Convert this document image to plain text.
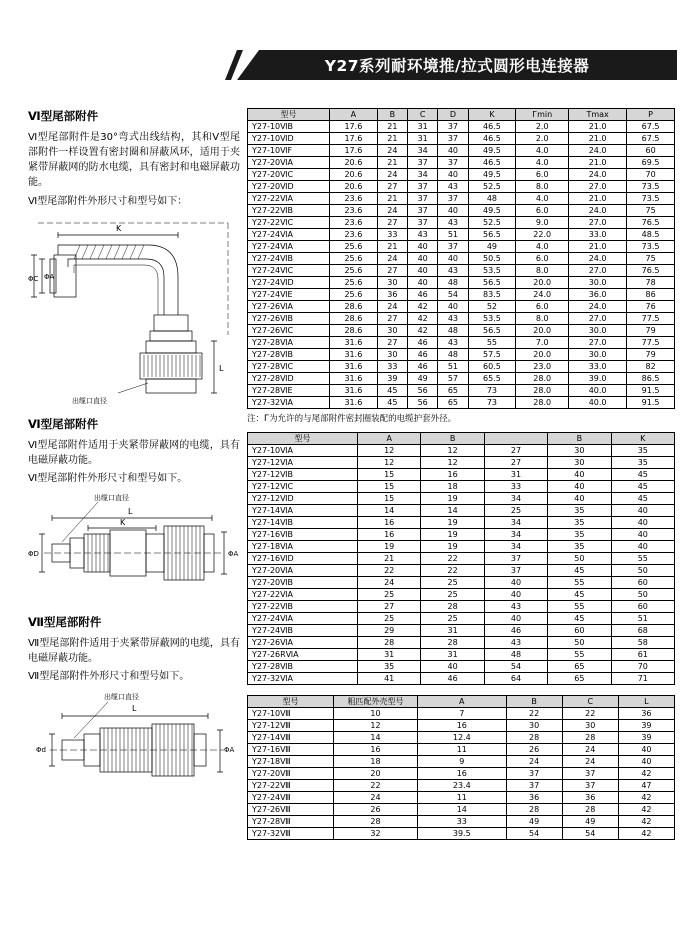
Y27系列耐环境推/拉式圆形电连接器
Ⅵ型尾部附件
Ⅵ型尾部附件是30°弯式出线结构，其和Ⅴ型尾部附件一样设置有密封圈和屏蔽风环，适用于夹紧带屏蔽网的防水电缆，具有密封和电磁屏蔽功能。
Ⅵ型尾部附件外形尺寸和型号如下：
K
ΦC ΦA
L
出缆口直径
Ⅵ型尾部附件
Ⅵ型尾部附件适用于夹紧带屏蔽网的电缆，具有电磁屏蔽功能。
Ⅵ型尾部附件外形尺寸和型号如下。
出缆口直径
L
K
ΦD	ΦA
Ⅶ型尾部附件
Ⅶ型尾部附件适用于夹紧带屏蔽网的电缆，具有电磁屏蔽功能。
Ⅶ型尾部附件外形尺寸和型号如下。
出缆口直径
L
ΦA
Φd
型号	A	B	C	D	K	Гmin	Tmax	P
Y27-10ⅥB	17.6	21	31	37	46.5	2.0	21.0	67.5
Y27-10ⅥD	17.6	21	31	37	46.5	2.0	21.0	67.5
Y27-10ⅥF	17.6	24	34	40	49.5	4.0	24.0	60
Y27-20ⅥA	20.6	21	37	37	46.5	4.0	21.0	69.5
Y27-20ⅥC	20.6	24	34	40	49.5	6.0	24.0	70
Y27-20ⅥD	20.6	27	37	43	52.5	8.0	27.0	73.5
Y27-22ⅥA	23.6	21	37	37	48	4.0	21.0	73.5
Y27-22ⅥB	23.6	24	37	40	49.5	6.0	24.0	75
Y27-22ⅥC	23.6	27	37	43	52.5	9.0	27.0	76.5
Y27-24ⅥA	23.6	33	43	51	56.5	22.0	33.0	48.5
Y27-24ⅥA	25.6	21	40	37	49	4.0	21.0	73.5
Y27-24ⅥB	25.6	24	40	40	50.5	6.0	24.0	75
Y27-24ⅥC	25.6	27	40	43	53.5	8.0	27.0	76.5
Y27-24ⅥD	25.6	30	40	48	56.5	20.0	30.0	78
Y27-24ⅥE	25.6	36	46	54	83.5	24.0	36.0	86
Y27-26ⅥA	28.6	24	42	40	52	6.0	24.0	76
Y27-26ⅥB	28.6	27	42	43	53.5	8.0	27.0	77.5
Y27-26ⅥC	28.6	30	42	48	56.5	20.0	30.0	79
Y27-28ⅥA	31.6	27	46	43	55	7.0	27.0	77.5
Y27-28ⅥB	31.6	30	46	48	57.5	20.0	30.0	79
Y27-28ⅥC	31.6	33	46	51	60.5	23.0	33.0	82
Y27-28ⅥD	31.6	39	49	57	65.5	28.0	39.0	86.5
Y27-28ⅥE	31.6	45	56	65	73	28.0	40.0	91.5
Y27-32ⅥA	31.6	45	56	65	73	28.0	40.0	91.5
注：Г为允许的与尾部附件密封圈装配的电缆护套外径。
型号	A	B		B	K
Y27-10ⅥA	12	12	27	30	35
Y27-12ⅥA	12	12	27	30	35
Y27-12ⅥB	15	16	31	40	45
Y27-12ⅥC	15	18	33	40	45
Y27-12ⅥD	15	19	34	40	45
Y27-14ⅥA	14	14	25	35	40
Y27-14ⅥB	16	19	34	35	40
Y27-16ⅥB	16	19	34	35	40
Y27-18ⅥA	19	19	34	35	40
Y27-16ⅥD	21	22	37	50	55
Y27-20ⅥA	22	22	37	45	50
Y27-20ⅥB	24	25	40	55	60
Y27-22ⅥA	25	25	40	45	50
Y27-22ⅥB	27	28	43	55	60
Y27-24ⅥA	25	25	40	45	51
Y27-24ⅥB	29	31	46	60	68
Y27-26ⅥA	28	28	43	50	58
Y27-26RⅥA	31	31	48	55	61
Y27-28ⅥB	35	40	54	65	70
Y27-32ⅥA	41	46	64	65	71
型号	粗匹配外壳型号	A	B	C	L
Y27-10Ⅷ	10	7	22	22	36
Y27-12Ⅷ	12	16	30	30	39
Y27-14Ⅷ	14	12.4	28	28	39
Y27-16Ⅷ	16	11	26	24	40
Y27-18Ⅷ	18	9	24	24	40
Y27-20Ⅷ	20	16	37	37	42
Y27-22Ⅷ	22	23.4	37	37	47
Y27-24Ⅷ	24	11	36	36	42
Y27-26Ⅷ	26	14	28	28	42
Y27-28Ⅷ	28	33	49	49	42
Y27-32Ⅷ	32	39.5	54	54	42
